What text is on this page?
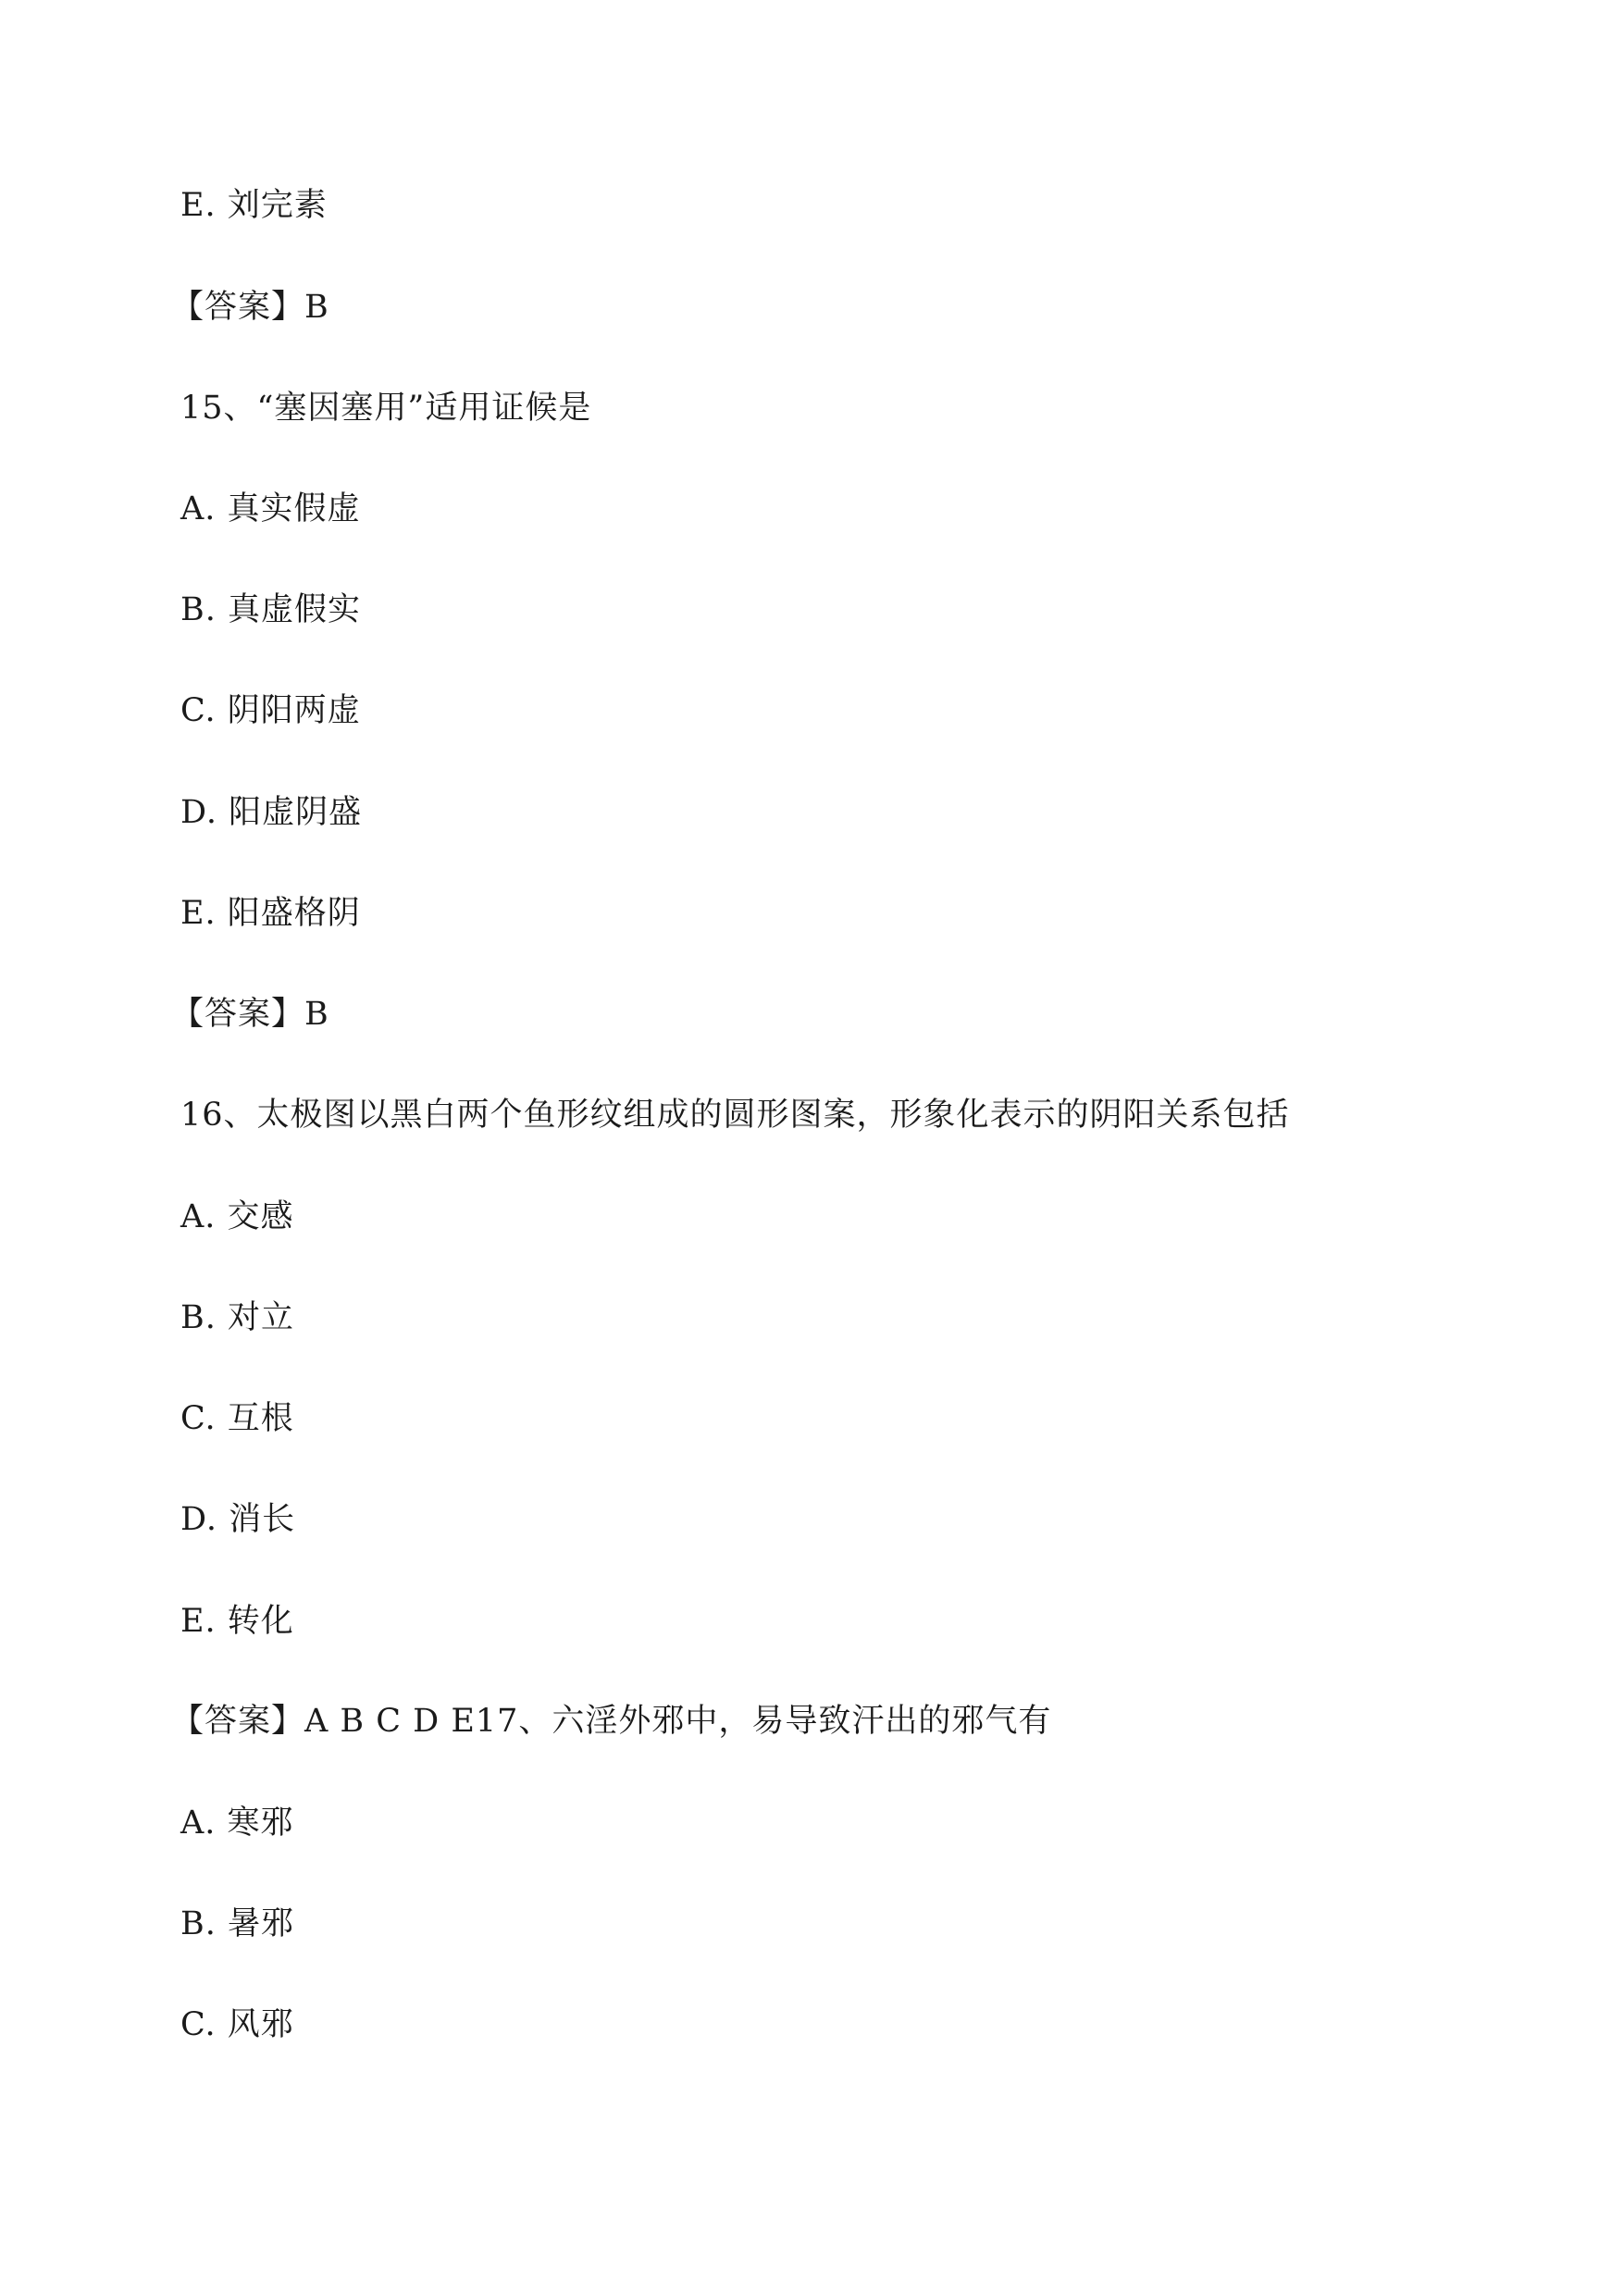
E. 刘完素
【答案】B
15、“塞因塞用”适用证候是
A. 真实假虚
B. 真虚假实
C. 阴阳两虚
D. 阳虚阴盛
E. 阳盛格阴
【答案】B
16、太极图以黑白两个鱼形纹组成的圆形图案，形象化表示的阴阳关系包括
A. 交感
B. 对立
C. 互根
D. 消长
E. 转化
【答案】A B C D E17、六淫外邪中，易导致汗出的邪气有
A. 寒邪
B. 暑邪
C. 风邪
